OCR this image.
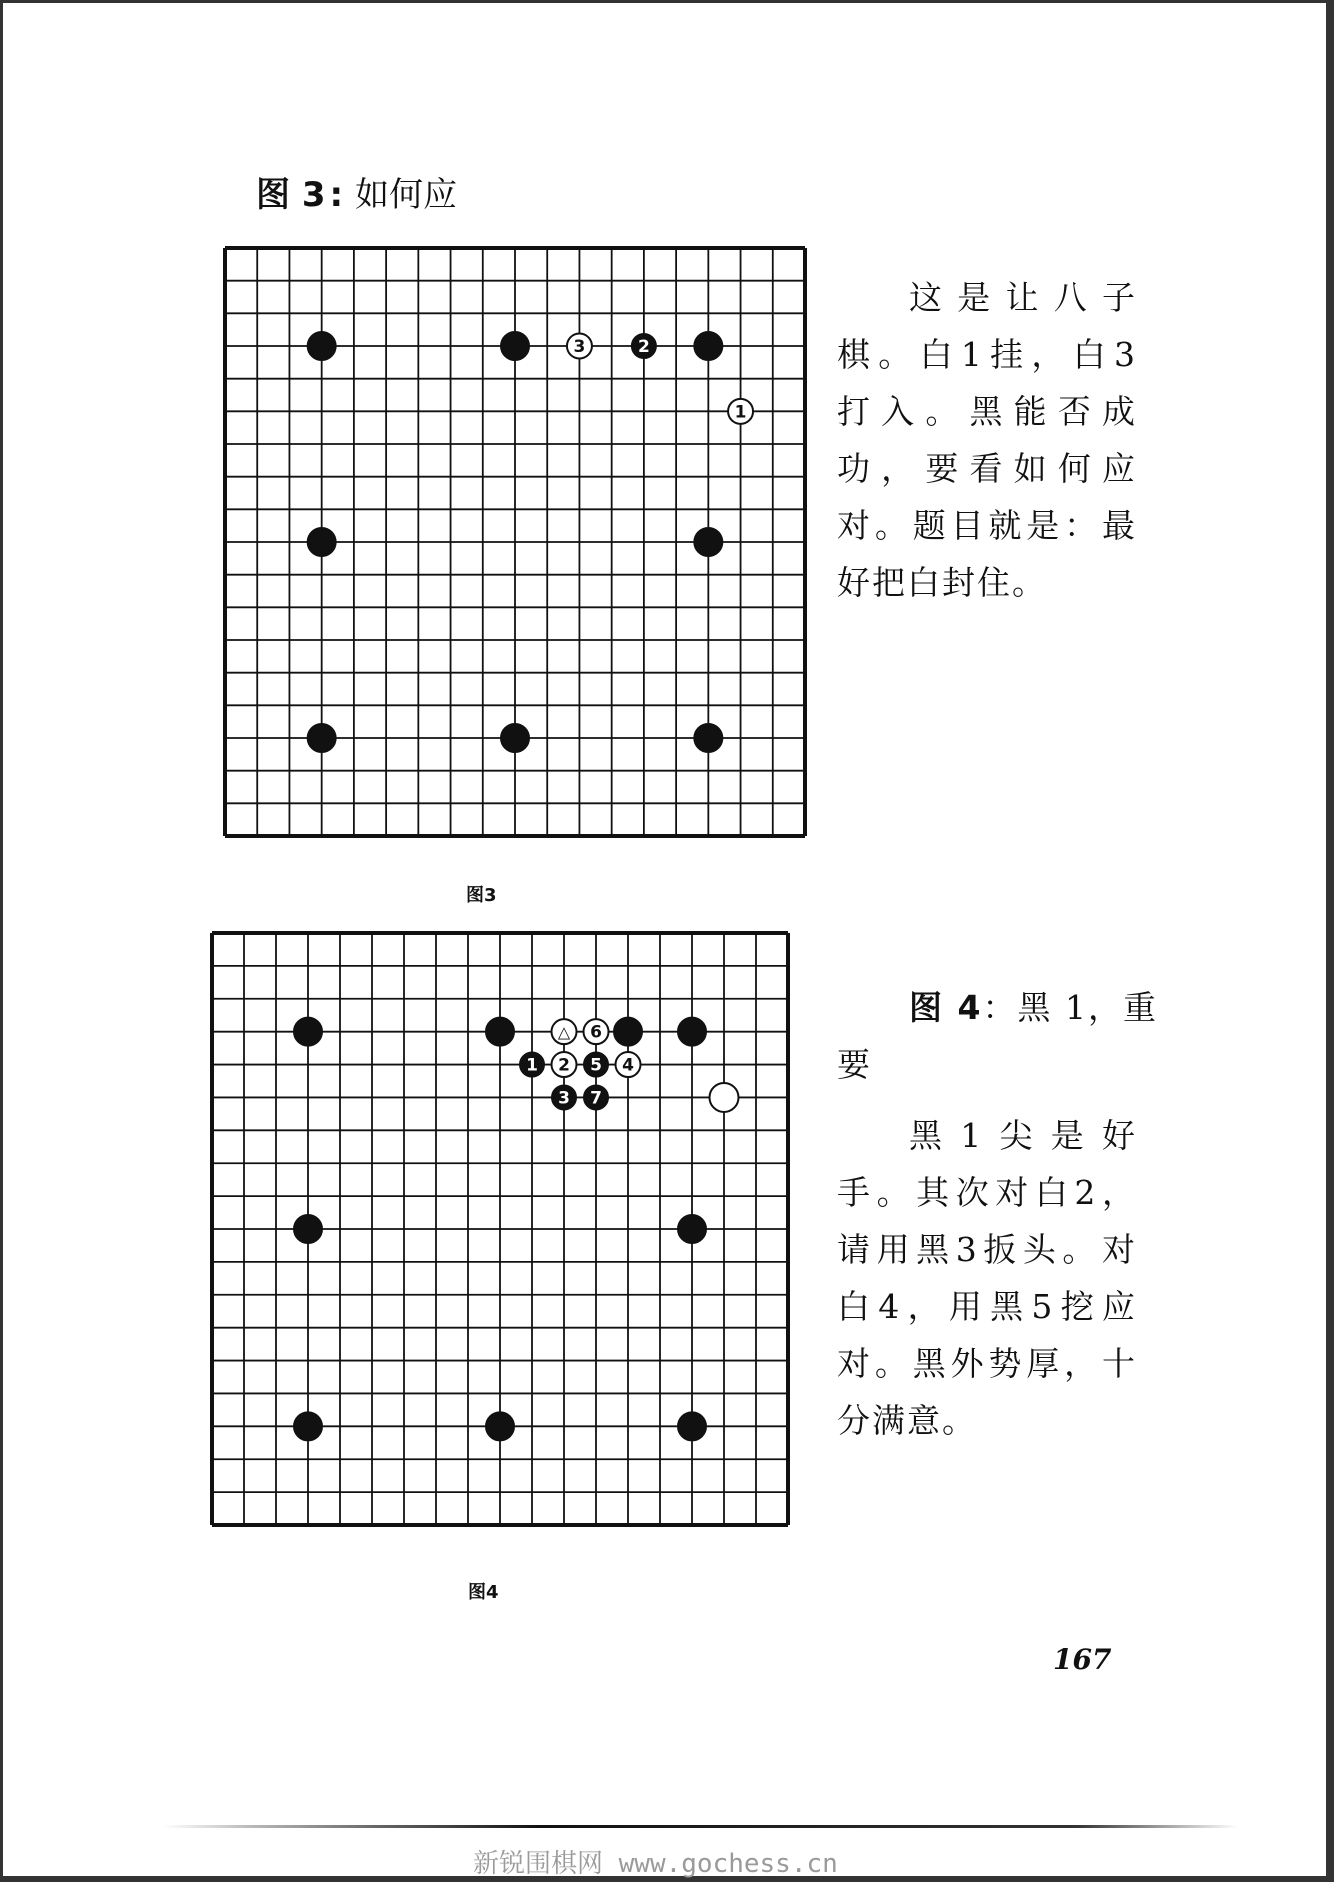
图 3 : 如何应
3	2
1
图3
这是让八子
棋。白1挂，白3
打入。黑能否成
功，要看如何应
对。题目就是：最
好把白封住。
△ 6
1 2 5 4
3 7
图4
图 4：黑 1，重
要
黑1尖是好
手。其次对白2，
请用黑3扳头。对
白4，用黑5挖应
对。黑外势厚，十
分满意。
167
新锐围棋网 www.gochess.cn
